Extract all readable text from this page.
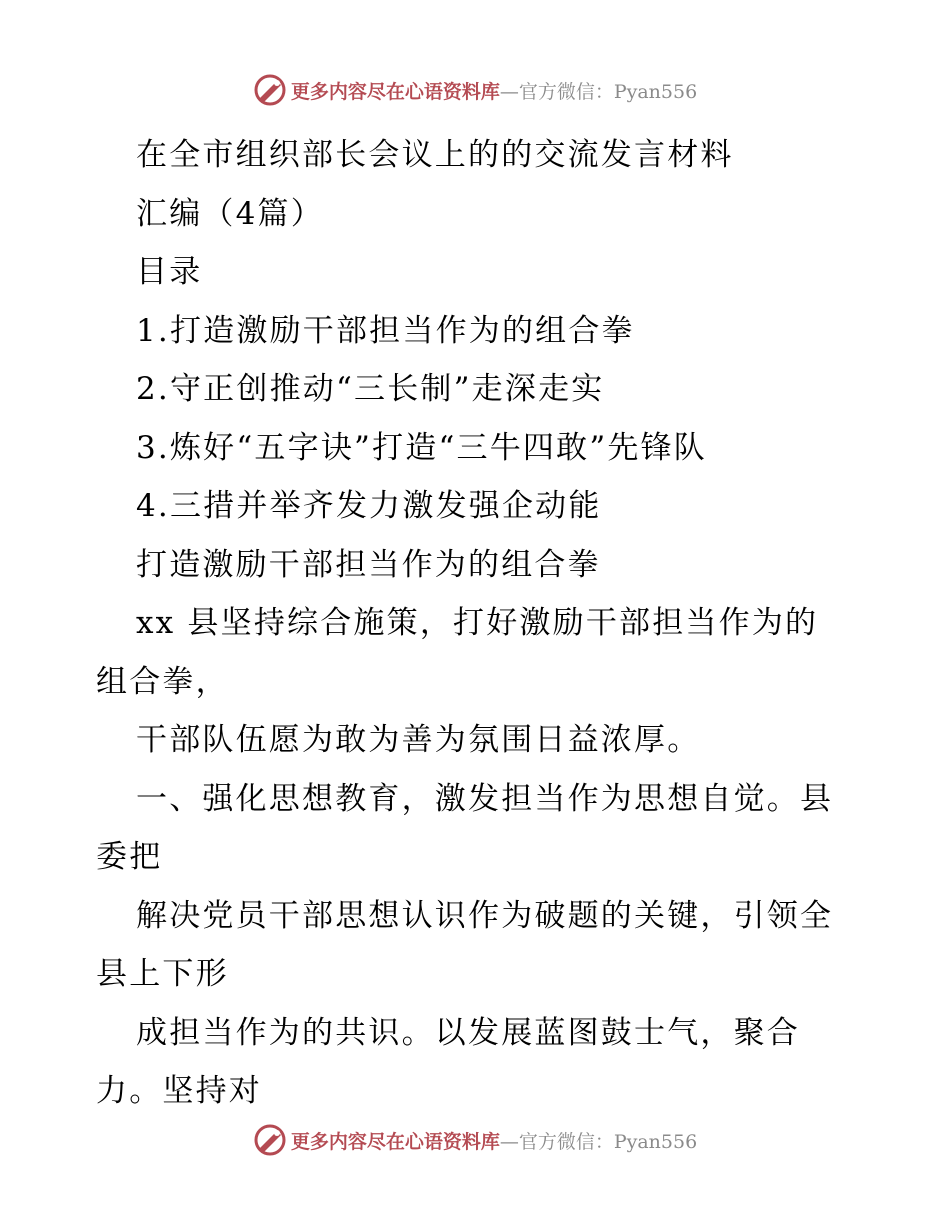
更多内容尽在心语资料库—官方微信：Pyan556

在全市组织部长会议上的的交流发言材料

汇编（4篇）

目录

1.打造激励干部担当作为的组合拳

2.守正创推动“三长制”走深走实

3.炼好“五字诀”打造“三牛四敢”先锋队

4.三措并举齐发力激发强企动能

打造激励干部担当作为的组合拳

xx 县坚持综合施策，打好激励干部担当作为的

组合拳，

干部队伍愿为敢为善为氛围日益浓厚。

一、强化思想教育，激发担当作为思想自觉。县

委把

解决党员干部思想认识作为破题的关键，引领全

县上下形

成担当作为的共识。以发展蓝图鼓士气，聚合

力。坚持对

更多内容尽在心语资料库—官方微信：Pyan556
